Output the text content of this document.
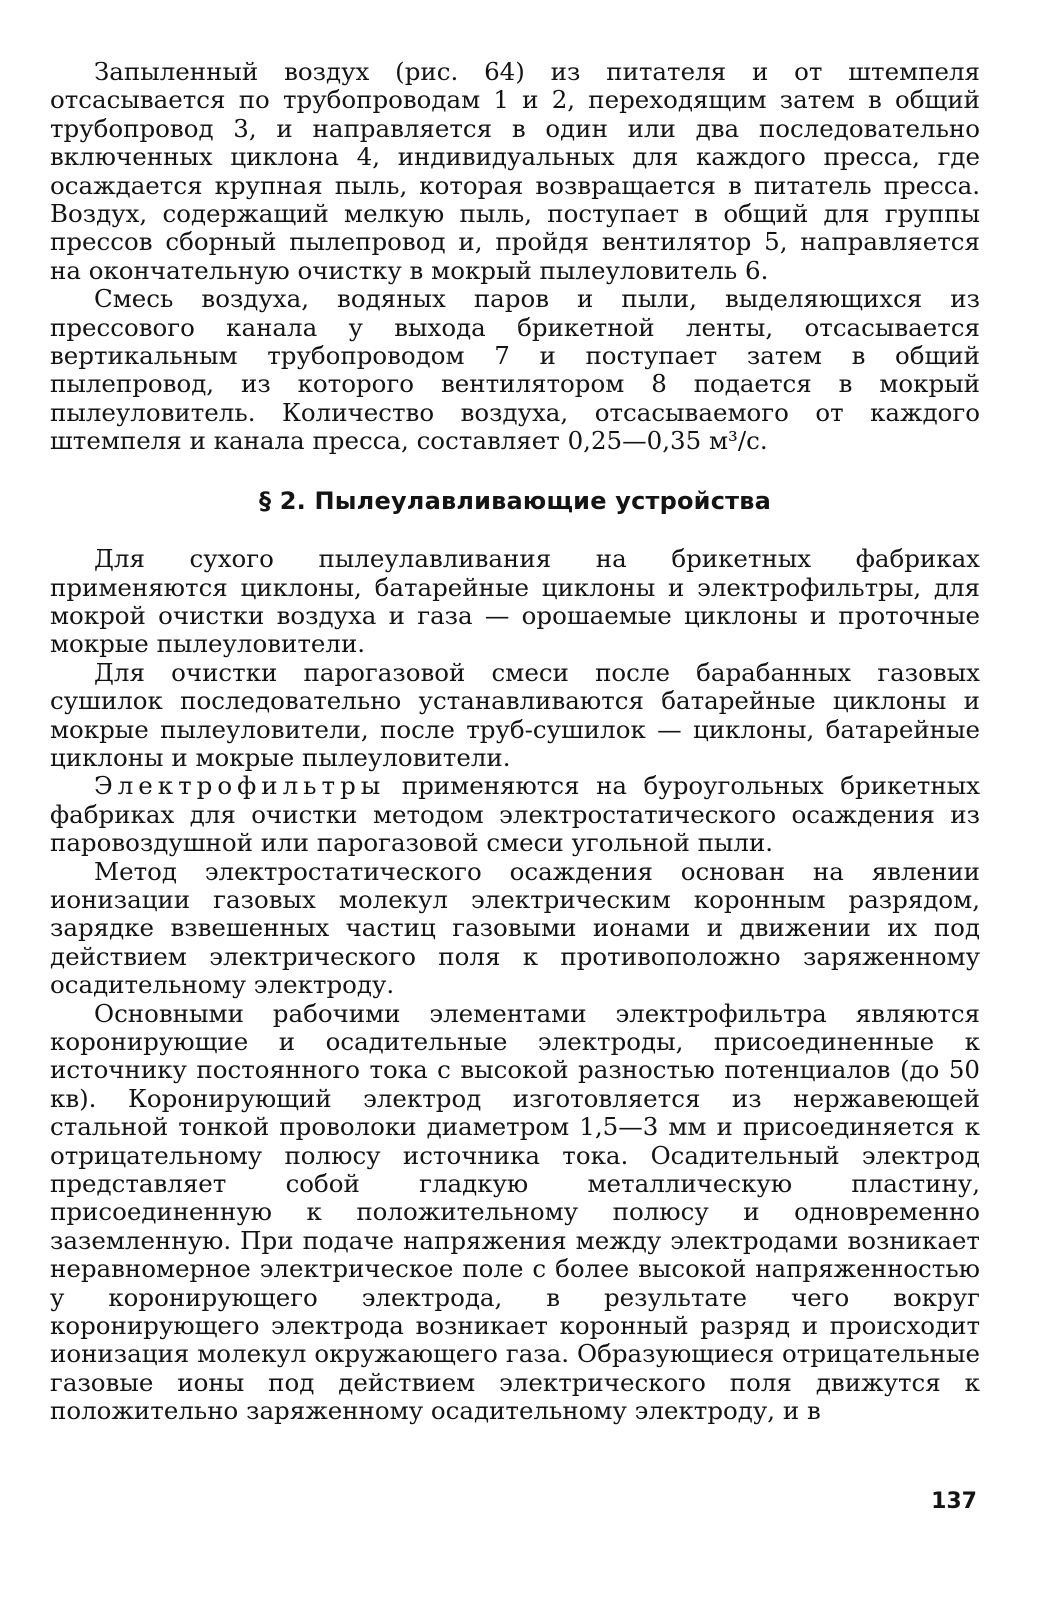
Запыленный воздух (рис. 64) из питателя и от штемпеля отсасывается по трубопроводам 1 и 2, переходящим затем в общий трубопровод 3, и направляется в один или два последовательно включенных циклона 4, индивидуальных для каждого пресса, где осаждается крупная пыль, которая возвращается в питатель пресса. Воздух, содержащий мелкую пыль, поступает в общий для группы прессов сборный пылепровод и, пройдя вентилятор 5, направляется на окончательную очистку в мокрый пылеуловитель 6.

Смесь воздуха, водяных паров и пыли, выделяющихся из прессового канала у выхода брикетной ленты, отсасывается вертикальным трубопроводом 7 и поступает затем в общий пылепровод, из которого вентилятором 8 подается в мокрый пылеуловитель. Количество воздуха, отсасываемого от каждого штемпеля и канала пресса, составляет 0,25—0,35 м³/с.

§ 2. Пылеулавливающие устройства

Для сухого пылеулавливания на брикетных фабриках применяются циклоны, батарейные циклоны и электрофильтры, для мокрой очистки воздуха и газа — орошаемые циклоны и проточные мокрые пылеуловители.

Для очистки парогазовой смеси после барабанных газовых сушилок последовательно устанавливаются батарейные циклоны и мокрые пылеуловители, после труб-сушилок — циклоны, батарейные циклоны и мокрые пылеуловители.

Электрофильтры применяются на буроугольных брикетных фабриках для очистки методом электростатического осаждения из паровоздушной или парогазовой смеси угольной пыли.

Метод электростатического осаждения основан на явлении ионизации газовых молекул электрическим коронным разрядом, зарядке взвешенных частиц газовыми ионами и движении их под действием электрического поля к противоположно заряженному осадительному электроду.

Основными рабочими элементами электрофильтра являются коронирующие и осадительные электроды, присоединенные к источнику постоянного тока с высокой разностью потенциалов (до 50 кв). Коронирующий электрод изготовляется из нержавеющей стальной тонкой проволоки диаметром 1,5—3 мм и присоединяется к отрицательному полюсу источника тока. Осадительный электрод представляет собой гладкую металлическую пластину, присоединенную к положительному полюсу и одновременно заземленную. При подаче напряжения между электродами возникает неравномерное электрическое поле с более высокой напряженностью у коронирующего электрода, в результате чего вокруг коронирующего электрода возникает коронный разряд и происходит ионизация молекул окружающего газа. Образующиеся отрицательные газовые ионы под действием электрического поля движутся к положительно заряженному осадительному электроду, и в

137
